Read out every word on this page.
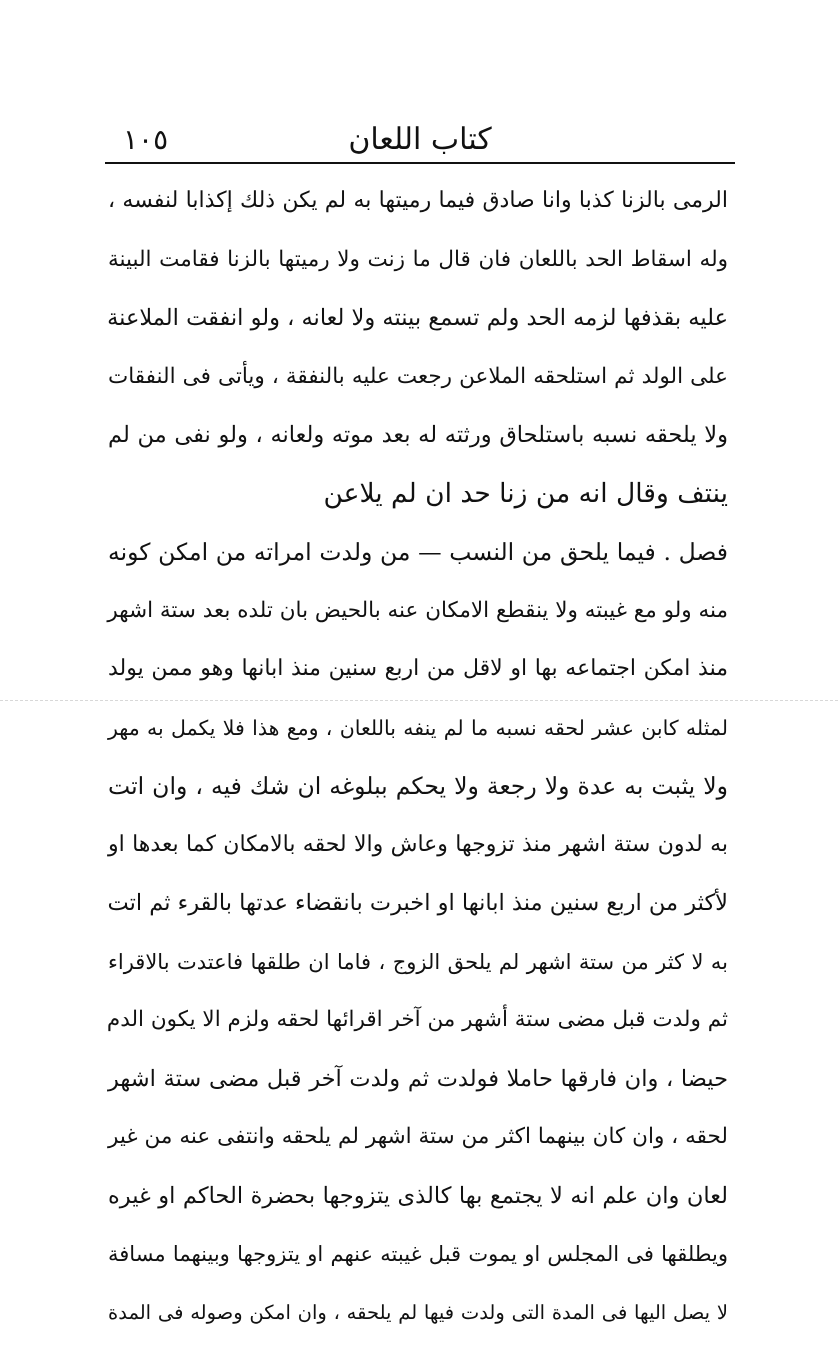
كتاب اللعان
١٠٥
الرمى بالزنا كذبا وانا صادق فيما رميتها به لم يكن ذلك إكذابا لنفسه ،
وله اسقاط الحد باللعان فان قال ما زنت ولا رميتها بالزنا فقامت البينة
عليه بقذفها لزمه الحد ولم تسمع بينته ولا لعانه ، ولو انفقت الملاعنة
على الولد ثم استلحقه الملاعن رجعت عليه بالنفقة ، ويأتى فى النفقات
ولا يلحقه نسبه باستلحاق ورثته له بعد موته ولعانه ، ولو نفى من لم
ينتف وقال انه من زنا حد ان لم يلاعن
فصل . فيما يلحق من النسب — من ولدت امراته من امكن كونه
منه ولو مع غيبته ولا ينقطع الامكان عنه بالحيض بان تلده بعد ستة اشهر
منذ امكن اجتماعه بها او لاقل من اربع سنين منذ ابانها وهو ممن يولد
لمثله كابن عشر لحقه نسبه ما لم ينفه باللعان ، ومع هذا فلا يكمل به مهر
ولا يثبت به عدة ولا رجعة ولا يحكم ببلوغه ان شك فيه ، وان اتت
به لدون ستة اشهر منذ تزوجها وعاش والا لحقه بالامكان كما بعدها او
لأكثر من اربع سنين منذ ابانها او اخبرت بانقضاء عدتها بالقرء ثم اتت
به لا كثر من ستة اشهر لم يلحق الزوج ، فاما ان طلقها فاعتدت بالاقراء
ثم ولدت قبل مضى ستة أشهر من آخر اقرائها لحقه ولزم الا يكون الدم
حيضا ، وان فارقها حاملا فولدت ثم ولدت آخر قبل مضى ستة اشهر
لحقه ، وان كان بينهما اكثر من ستة اشهر لم يلحقه وانتفى عنه من غير
لعان وان علم انه لا يجتمع بها كالذى يتزوجها بحضرة الحاكم او غيره
ويطلقها فى المجلس او يموت قبل غيبته عنهم او يتزوجها وبينهما مسافة
لا يصل اليها فى المدة التى ولدت فيها لم يلحقه ، وان امكن وصوله فى المدة
